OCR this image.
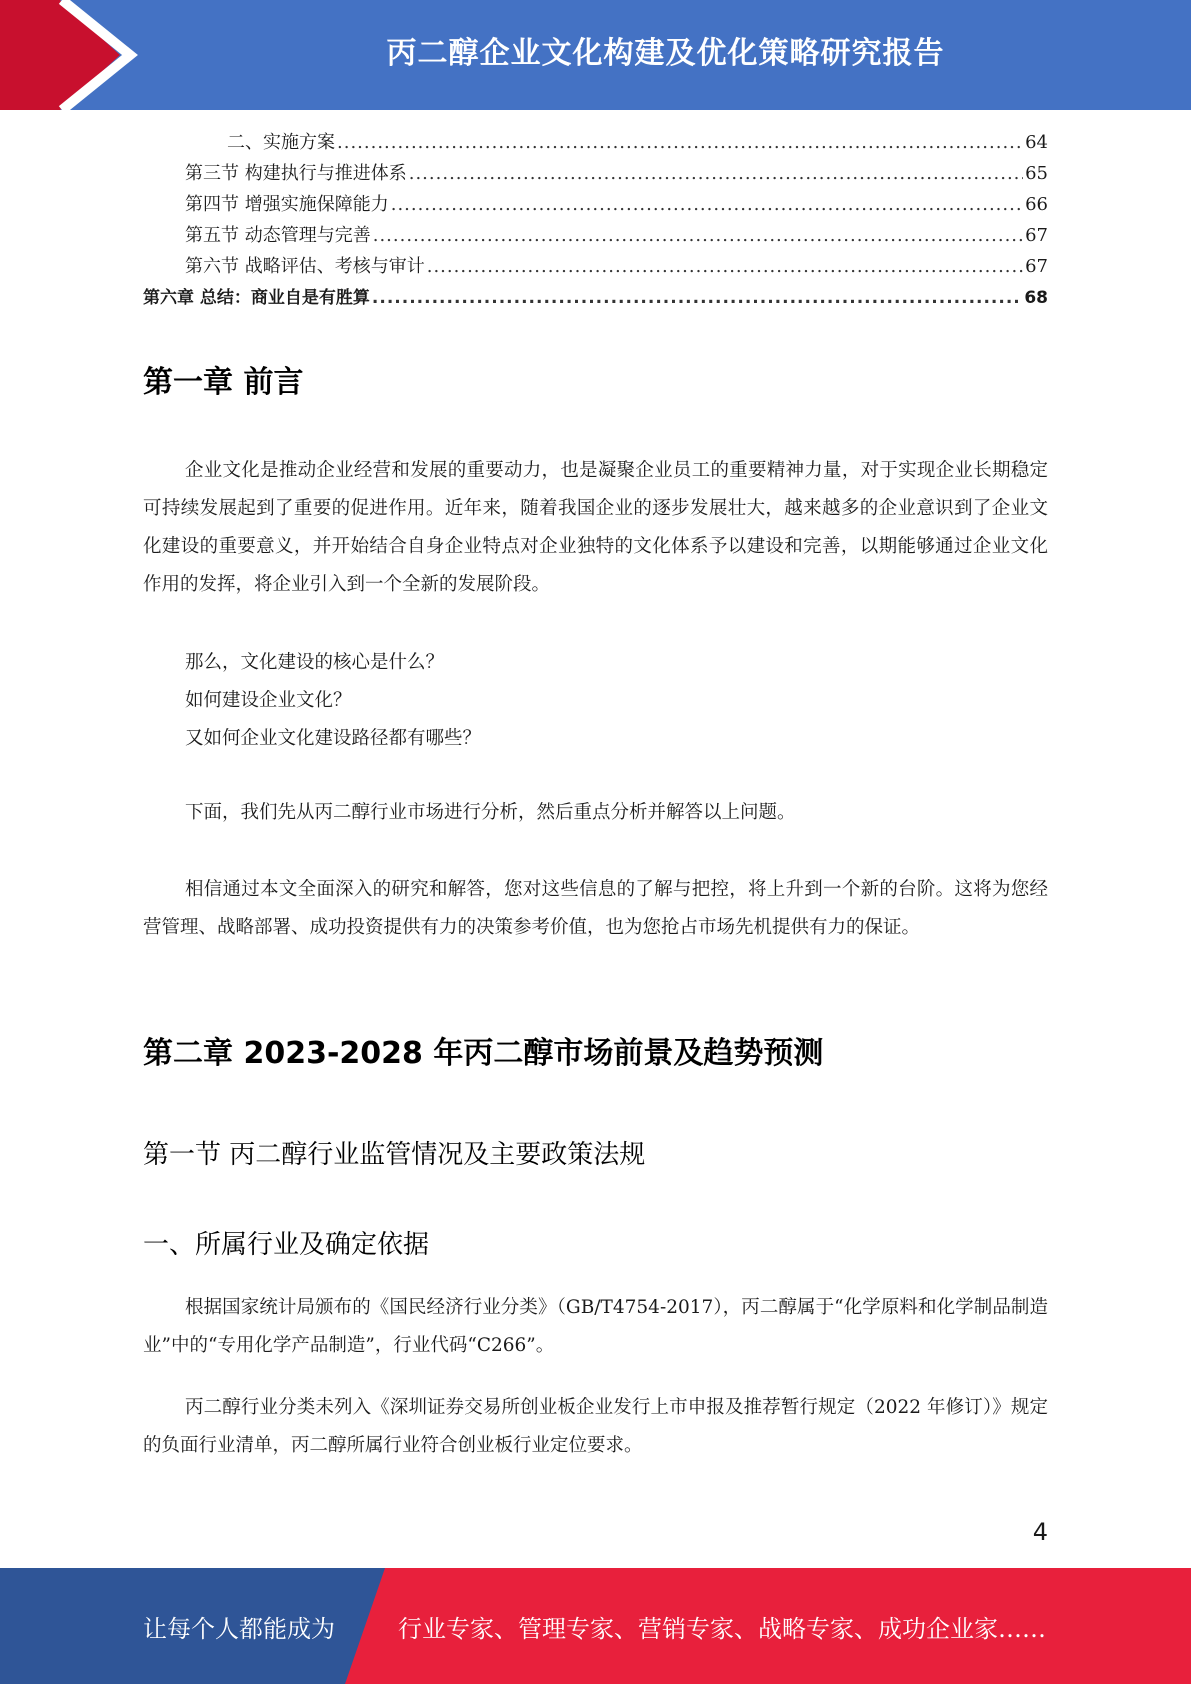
丙二醇企业文化构建及优化策略研究报告
二、实施方案 .....	64
第三节 构建执行与推进体系 .....	65
第四节 增强实施保障能力 .....	66
第五节 动态管理与完善 .....	67
第六节 战略评估、考核与审计 .....	67
第六章 总结：商业自是有胜算 .....	68
第一章 前言

企业文化是推动企业经营和发展的重要动力，也是凝聚企业员工的重要精神力量，对于实现企业长期稳定可持续发展起到了重要的促进作用。近年来，随着我国企业的逐步发展壮大，越来越多的企业意识到了企业文化建设的重要意义，并开始结合自身企业特点对企业独特的文化体系予以建设和完善，以期能够通过企业文化作用的发挥，将企业引入到一个全新的发展阶段。

那么，文化建设的核心是什么？
如何建设企业文化？
又如何企业文化建设路径都有哪些？

下面，我们先从丙二醇行业市场进行分析，然后重点分析并解答以上问题。

相信通过本文全面深入的研究和解答，您对这些信息的了解与把控，将上升到一个新的台阶。这将为您经营管理、战略部署、成功投资提供有力的决策参考价值，也为您抢占市场先机提供有力的保证。

第二章 2023-2028 年丙二醇市场前景及趋势预测
第一节 丙二醇行业监管情况及主要政策法规
一、所属行业及确定依据

根据国家统计局颁布的《国民经济行业分类》（GB/T4754-2017），丙二醇属于“化学原料和化学制品制造业”中的“专用化学产品制造”，行业代码“C266”。

丙二醇行业分类未列入《深圳证券交易所创业板企业发行上市申报及推荐暂行规定（2022 年修订）》规定的负面行业清单，丙二醇所属行业符合创业板行业定位要求。

4
让每个人都能成为	行业专家、管理专家、营销专家、战略专家、成功企业家……
